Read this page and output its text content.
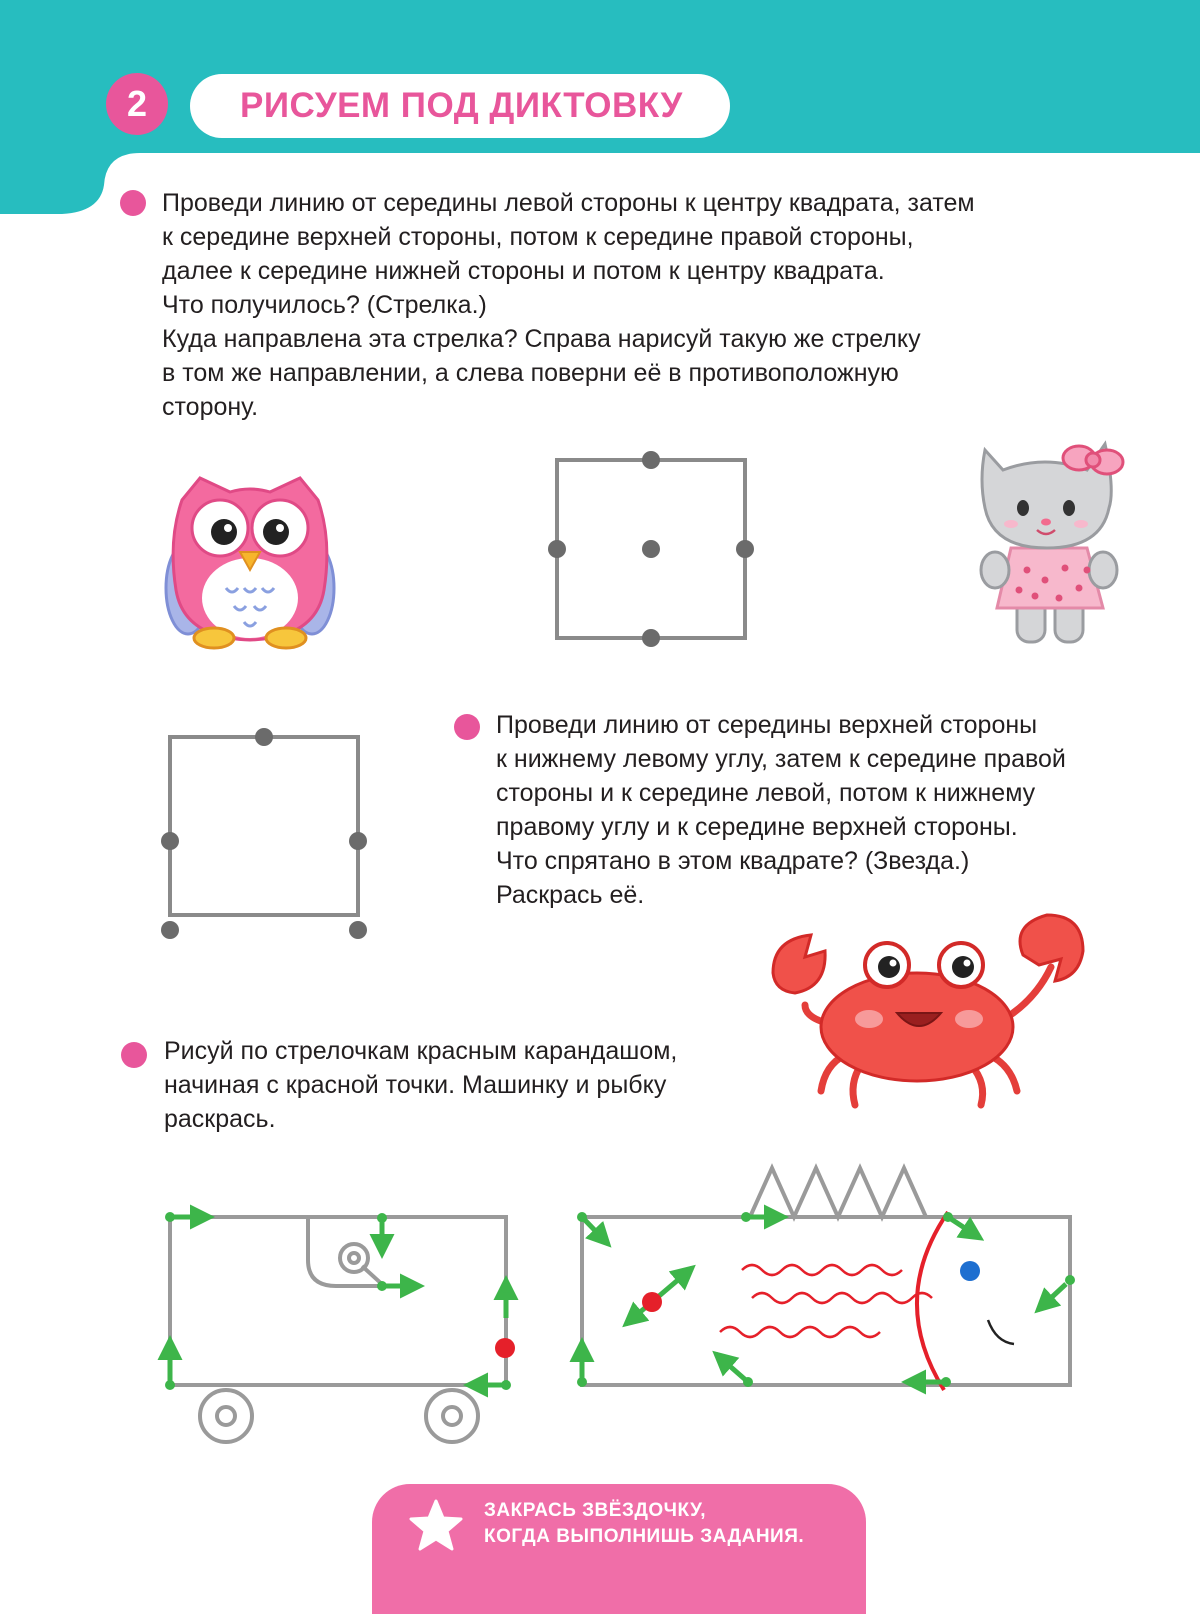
2	РИСУЕМ ПОД ДИКТОВКУ
Проведи линию от середины левой стороны к центру квадрата, затем
к середине верхней стороны, потом к середине правой стороны,
далее к середине нижней стороны и потом к центру квадрата.
Что получилось? (Стрелка.)
Куда направлена эта стрелка? Справа нарисуй такую же стрелку
в том же направлении, а слева поверни её в противоположную
сторону.
Проведи линию от середины верхней стороны
к нижнему левому углу, затем к середине правой
стороны и к середине левой, потом к нижнему
правому углу и к середине верхней стороны.
Что спрятано в этом квадрате? (Звезда.)
Раскрась её.
Рисуй по стрелочкам красным карандашом,
начиная с красной точки. Машинку и рыбку
раскрась.
ЗАКРАСЬ ЗВЁЗДОЧКУ,
КОГДА ВЫПОЛНИШЬ ЗАДАНИЯ.
